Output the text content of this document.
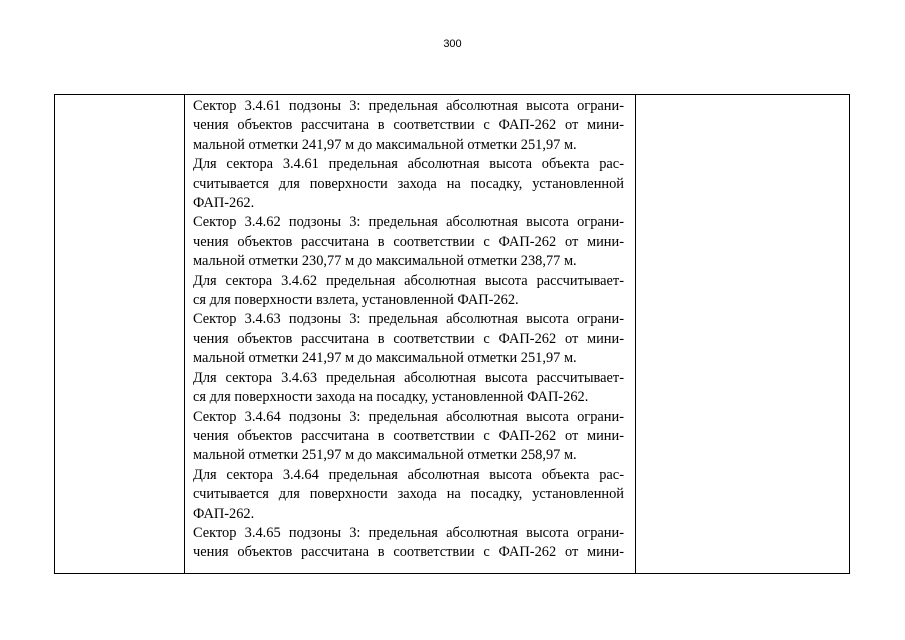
300
Сектор 3.4.61 подзоны 3: предельная абсолютная высота ограни-
чения объектов рассчитана в соответствии с ФАП-262 от мини-
мальной отметки 241,97 м до максимальной отметки 251,97 м.
Для сектора 3.4.61 предельная абсолютная высота объекта рас-
считывается для поверхности захода на посадку, установленной
ФАП-262.
Сектор 3.4.62 подзоны 3: предельная абсолютная высота ограни-
чения объектов рассчитана в соответствии с ФАП-262 от мини-
мальной отметки 230,77 м до максимальной отметки 238,77 м.
Для сектора 3.4.62 предельная абсолютная высота рассчитывает-
ся для поверхности взлета, установленной ФАП-262.
Сектор 3.4.63 подзоны 3: предельная абсолютная высота ограни-
чения объектов рассчитана в соответствии с ФАП-262 от мини-
мальной отметки 241,97 м до максимальной отметки 251,97 м.
Для сектора 3.4.63 предельная абсолютная высота рассчитывает-
ся для поверхности захода на посадку, установленной ФАП-262.
Сектор 3.4.64 подзоны 3: предельная абсолютная высота ограни-
чения объектов рассчитана в соответствии с ФАП-262 от мини-
мальной отметки 251,97 м до максимальной отметки 258,97 м.
Для сектора 3.4.64 предельная абсолютная высота объекта рас-
считывается для поверхности захода на посадку, установленной
ФАП-262.
Сектор 3.4.65 подзоны 3: предельная абсолютная высота ограни-
чения объектов рассчитана в соответствии с ФАП-262 от мини-
